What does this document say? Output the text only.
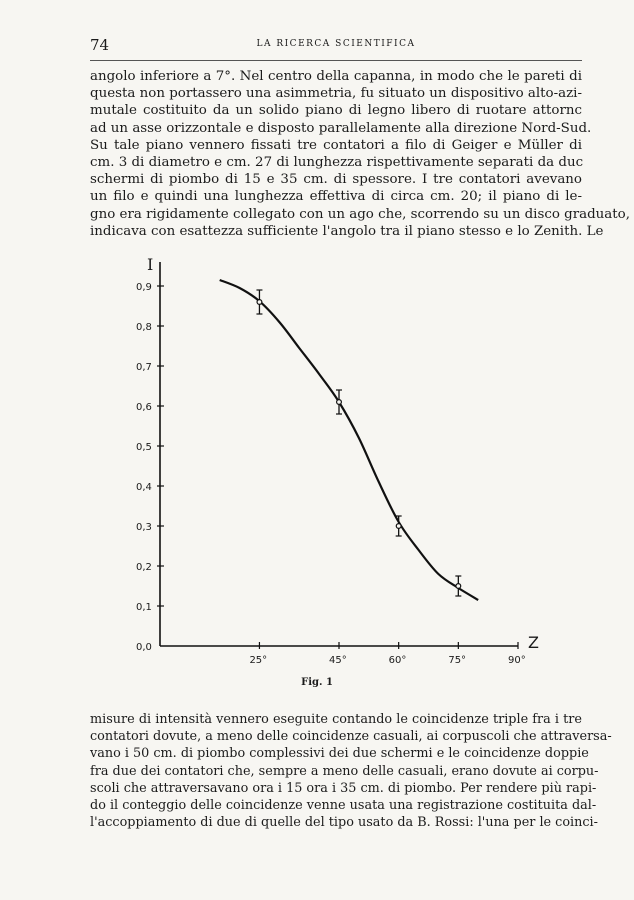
74	LA RICERCA SCIENTIFICA
angolo inferiore a 7°. Nel centro della capanna, in modo che le pareti di
questa non portassero una asimmetria, fu situato un dispositivo alto-azi-
mutale costituito da un solido piano di legno libero di ruotare attornc
ad un asse orizzontale e disposto parallelamente alla direzione Nord-Sud.
Su tale piano vennero fissati tre contatori a filo di Geiger e Müller di
cm. 3 di diametro e cm. 27 di lunghezza rispettivamente separati da duc
schermi di piombo di 15 e 35 cm. di spessore. I tre contatori avevano
un filo e quindi una lunghezza effettiva di circa cm. 20; il piano di le-
gno era rigidamente collegato con un ago che, scorrendo su un disco graduato,
indicava con esattezza sufficiente l'angolo tra il piano stesso e lo Zenith. Le
0,0
0,1
0,2
0,3
0,4
0,5
0,6
0,7
0,8
0,9
25°	45°	60°	75°	90°
I
Z
Fig. 1
misure di intensità vennero eseguite contando le coincidenze triple fra i tre
contatori dovute, a meno delle coincidenze casuali, ai corpuscoli che attraversa-
vano i 50 cm. di piombo complessivi dei due schermi e le coincidenze doppie
fra due dei contatori che, sempre a meno delle casuali, erano dovute ai corpu-
scoli che attraversavano ora i 15 ora i 35 cm. di piombo. Per rendere più rapi-
do il conteggio delle coincidenze venne usata una registrazione costituita dal-
l'accoppiamento di due di quelle del tipo usato da B. Rossi: l'una per le coinci-
